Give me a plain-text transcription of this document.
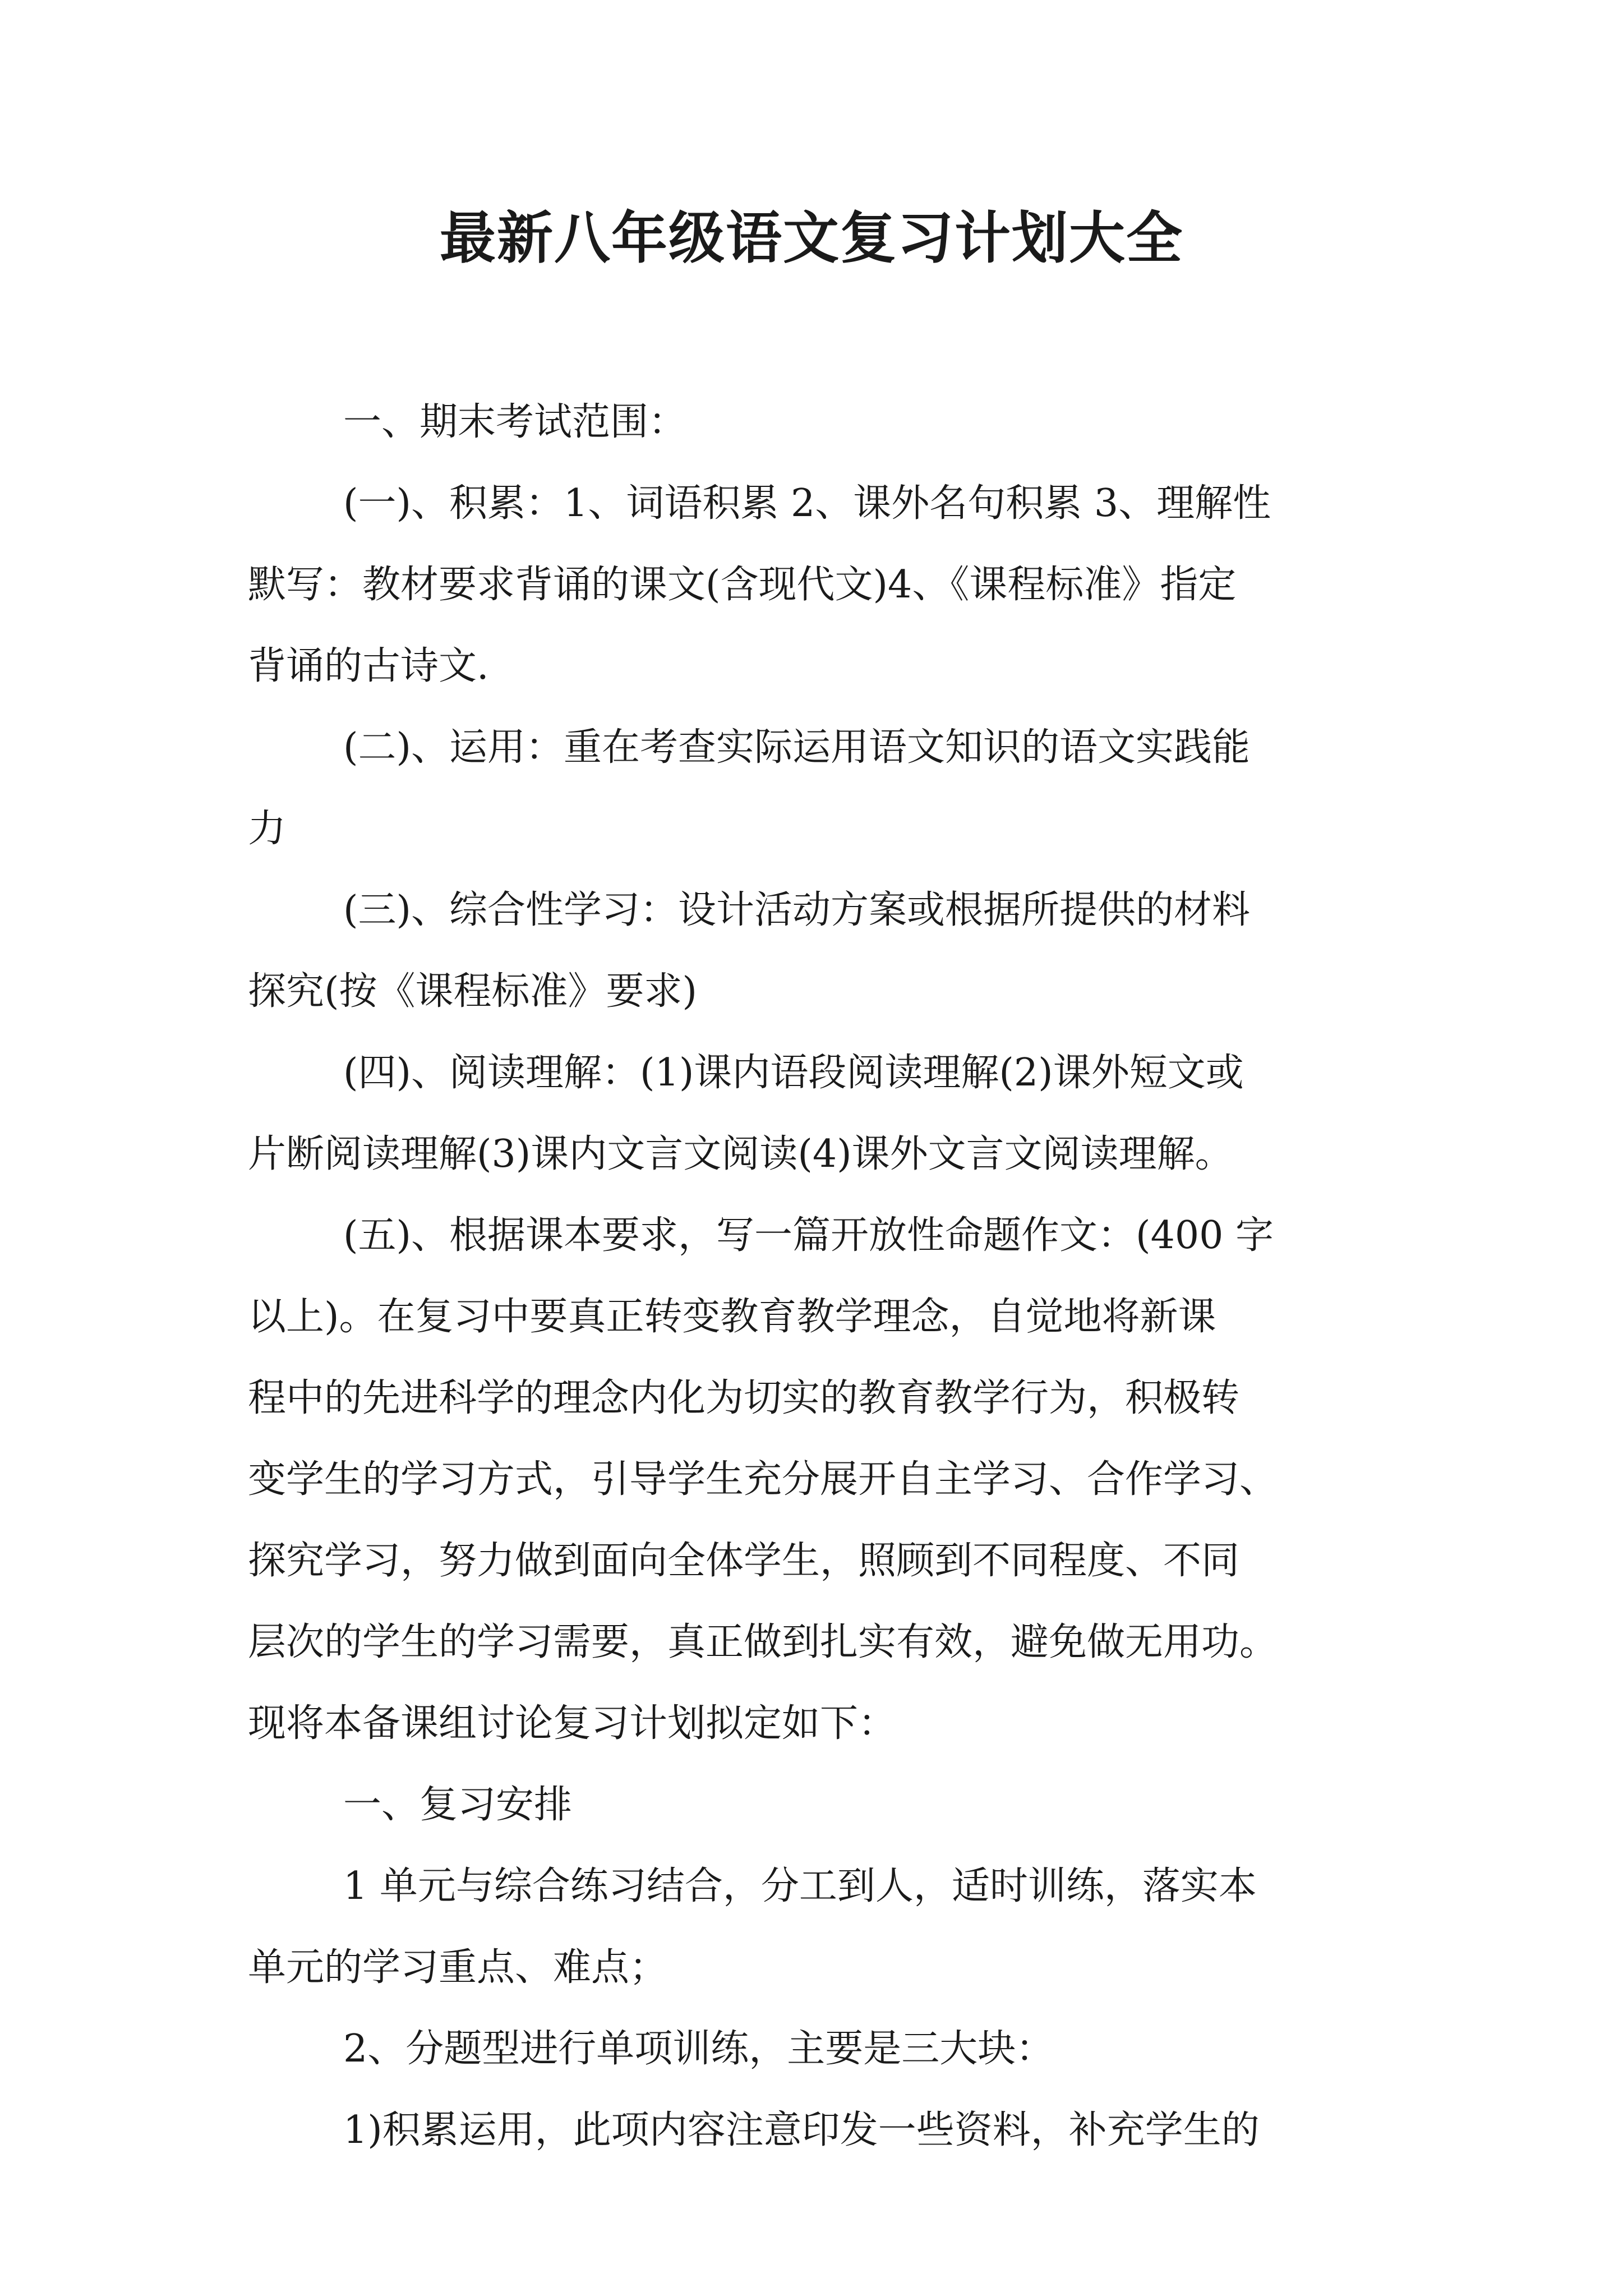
最新八年级语文复习计划大全
一、期末考试范围：
(一)、积累：1、词语积累 2、课外名句积累 3、理解性
默写：教材要求背诵的课文(含现代文)4、《课程标准》指定
背诵的古诗文.
(二)、运用：重在考查实际运用语文知识的语文实践能
力
(三)、综合性学习：设计活动方案或根据所提供的材料
探究(按《课程标准》要求)
(四)、阅读理解：(1)课内语段阅读理解(2)课外短文或
片断阅读理解(3)课内文言文阅读(4)课外文言文阅读理解。
(五)、根据课本要求，写一篇开放性命题作文：(400 字
以上)。在复习中要真正转变教育教学理念，自觉地将新课
程中的先进科学的理念内化为切实的教育教学行为，积极转
变学生的学习方式，引导学生充分展开自主学习、合作学习、
探究学习，努力做到面向全体学生，照顾到不同程度、不同
层次的学生的学习需要，真正做到扎实有效，避免做无用功。
现将本备课组讨论复习计划拟定如下：
一、复习安排
1 单元与综合练习结合，分工到人，适时训练，落实本
单元的学习重点、难点；
2、分题型进行单项训练，主要是三大块：
1)积累运用，此项内容注意印发一些资料，补充学生的
